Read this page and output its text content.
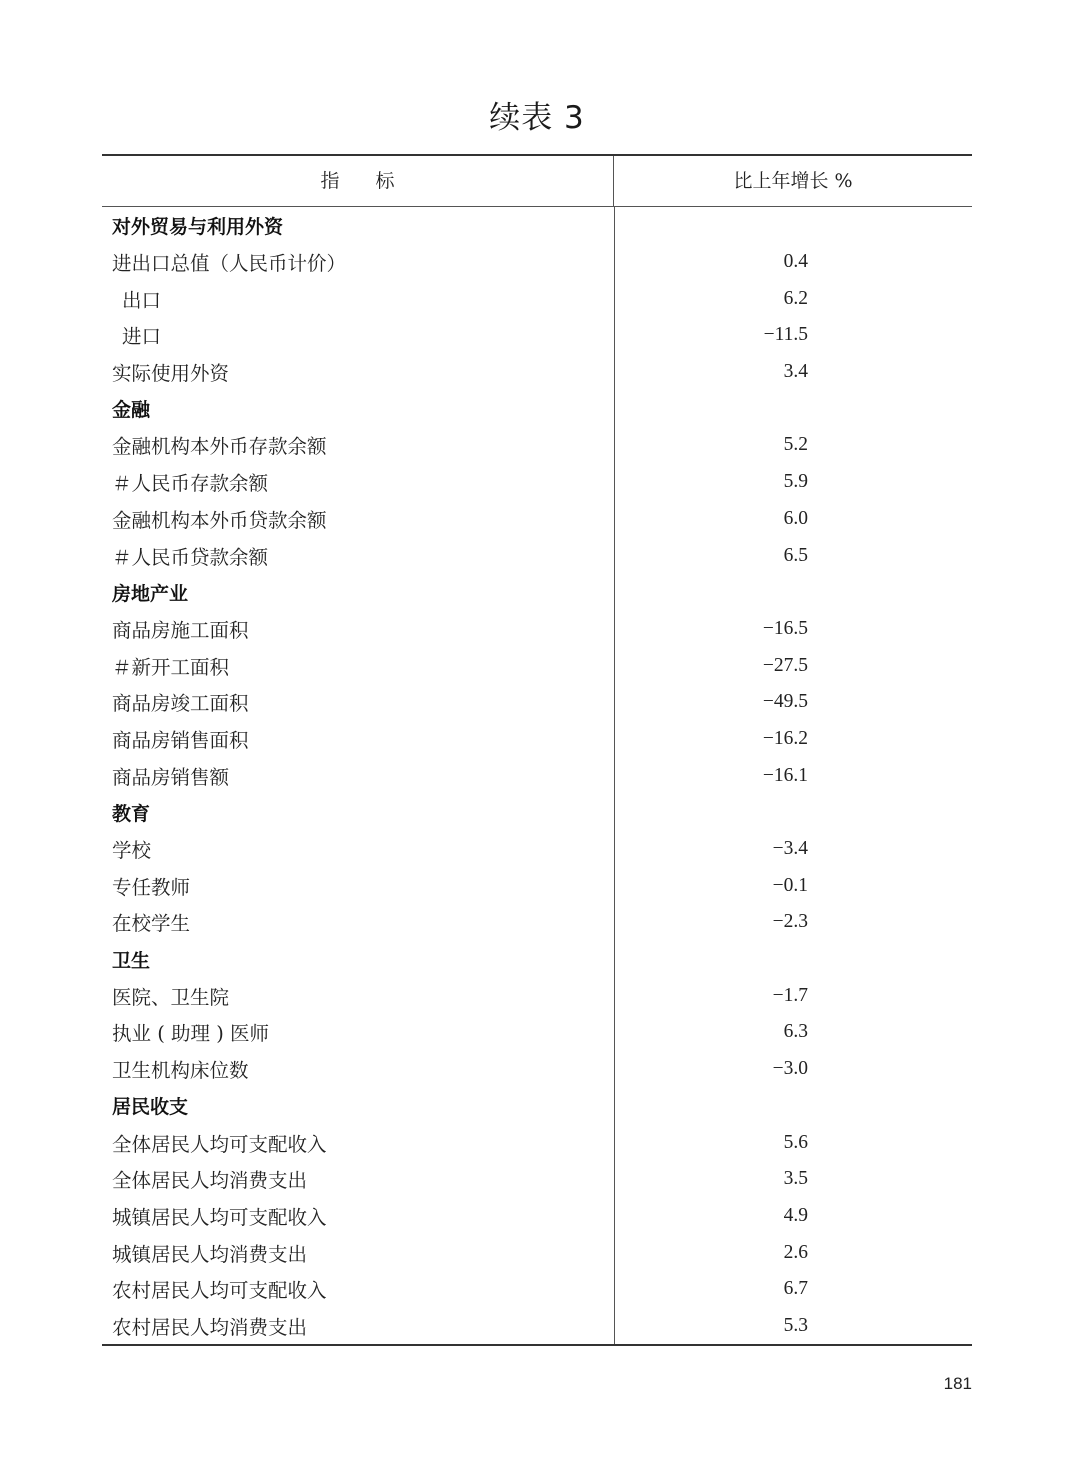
续表 3
指标	比上年增长 %
对外贸易与利用外资
进出口总值（人民币计价）	0.4
出口	6.2
进口	−11.5
实际使用外资	3.4
金融
金融机构本外币存款余额	5.2
＃人民币存款余额	5.9
金融机构本外币贷款余额	6.0
＃人民币贷款余额	6.5
房地产业
商品房施工面积	−16.5
＃新开工面积	−27.5
商品房竣工面积	−49.5
商品房销售面积	−16.2
商品房销售额	−16.1
教育
学校	−3.4
专任教师	−0.1
在校学生	−2.3
卫生
医院、卫生院	−1.7
执业 ( 助理 ) 医师	6.3
卫生机构床位数	−3.0
居民收支
全体居民人均可支配收入	5.6
全体居民人均消费支出	3.5
城镇居民人均可支配收入	4.9
城镇居民人均消费支出	2.6
农村居民人均可支配收入	6.7
农村居民人均消费支出	5.3
181
